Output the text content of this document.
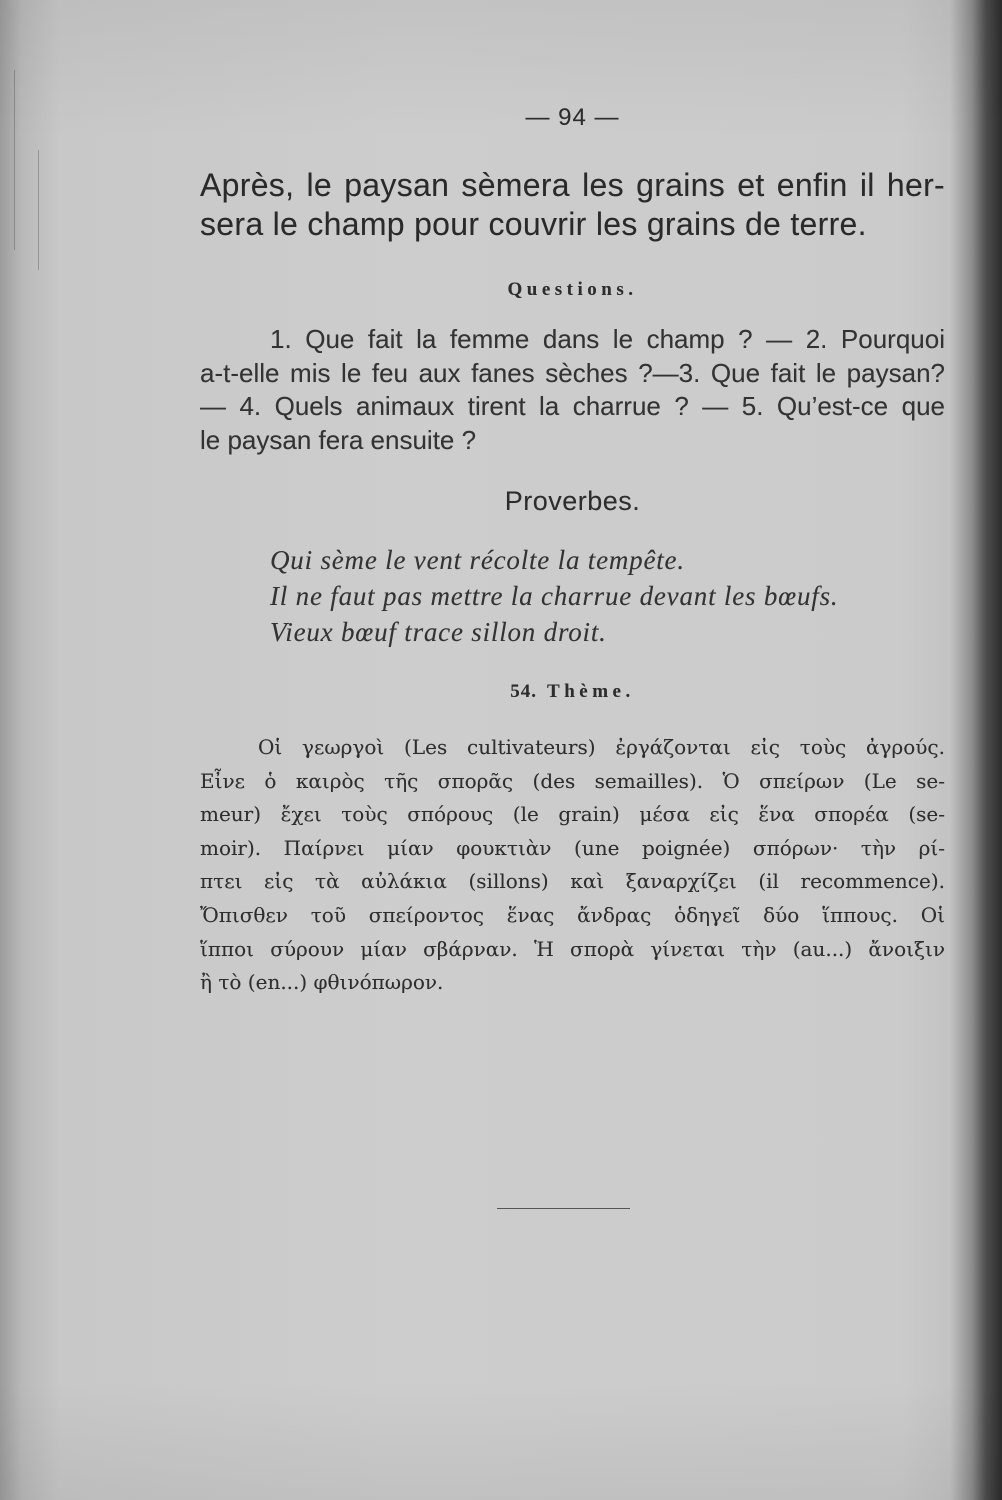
— 94 —
Après, le paysan sèmera les grains et enfin il her-
sera le champ pour couvrir les grains de terre.
Questions.
1. Que fait la femme dans le champ ? — 2. Pourquoi
a-t-elle mis le feu aux fanes sèches ?—3. Que fait le paysan?
— 4. Quels animaux tirent la charrue ? — 5. Qu’est-ce que
le paysan fera ensuite ?
Proverbes.
Qui sème le vent récolte la tempête.
Il ne faut pas mettre la charrue devant les bœufs.
Vieux bœuf trace sillon droit.
54. Thème.
Οἱ γεωργοὶ (Les cultivateurs) ἐργάζονται εἰς τοὺς ἀγρούς.
Εἶνε ὁ καιρὸς τῆς σπορᾶς (des semailles). Ὁ σπείρων (Le se-
meur) ἔχει τοὺς σπόρους (le grain) μέσα εἰς ἕνα σπορέα (se-
moir). Παίρνει μίαν φουκτιὰν (une poignée) σπόρων· τὴν ρί-
πτει εἰς τὰ αὐλάκια (sillons) καὶ ξαναρχίζει (il recommence).
Ὄπισθεν τοῦ σπείροντος ἕνας ἄνδρας ὁδηγεῖ δύο ἵππους. Οἱ
ἵπποι σύρουν μίαν σβάρναν. Ἡ σπορὰ γίνεται τὴν (au...) ἄνοιξιν
ἢ τὸ (en...) φθινόπωρον.
